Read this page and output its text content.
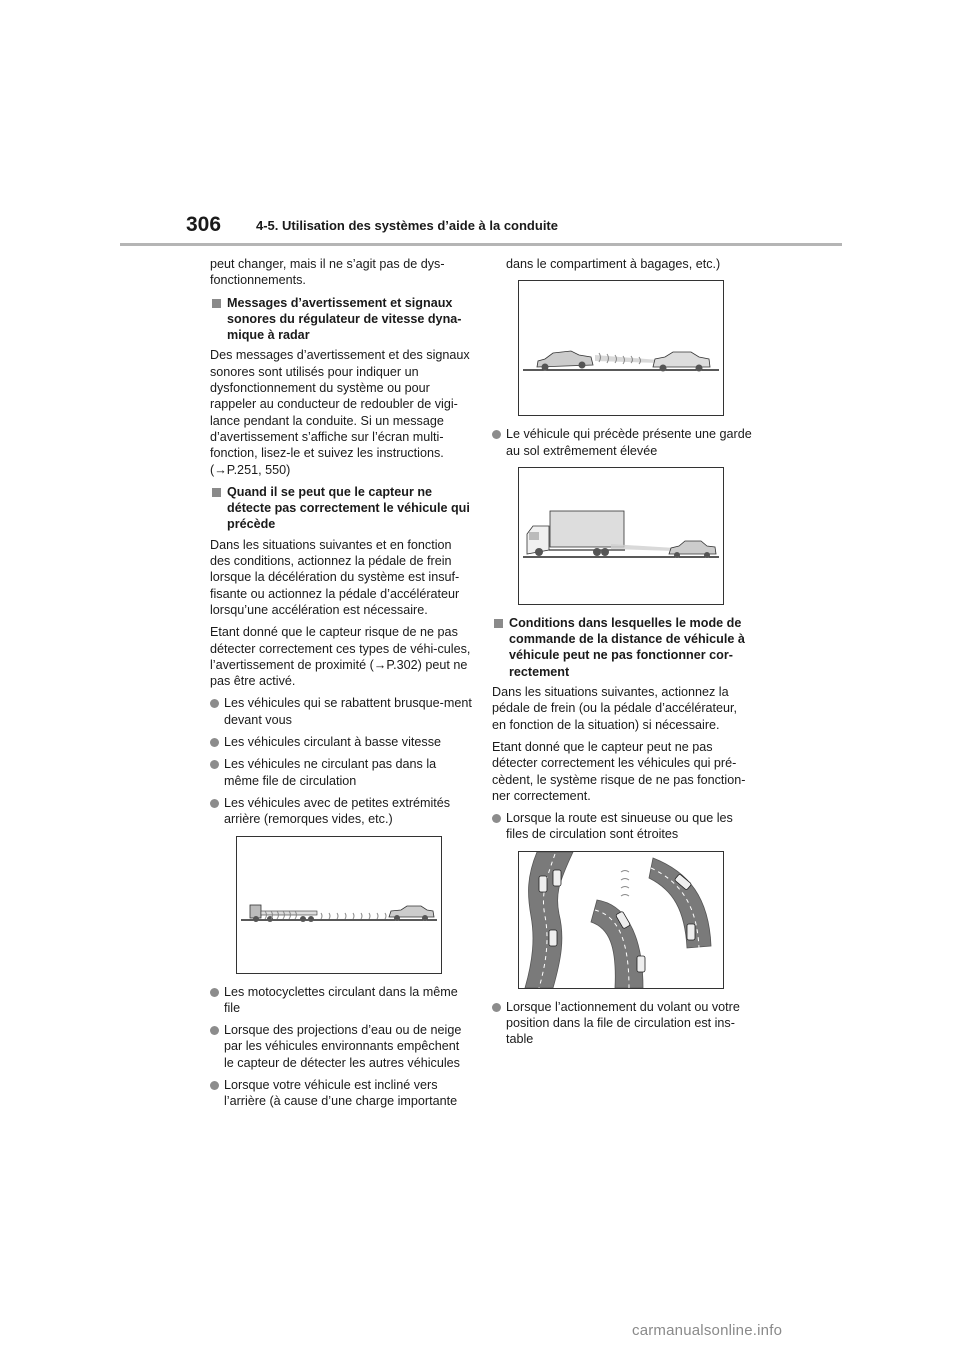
306	4-5. Utilisation des systèmes d’aide à la conduite

peut changer, mais il ne s’agit pas de dys-fonctionnements.

Messages d’avertissement et signaux sonores du régulateur de vitesse dyna-mique à radar

Des messages d’avertissement et des signaux sonores sont utilisés pour indiquer un dysfonctionnement du système ou pour rappeler au conducteur de redoubler de vigi-lance pendant la conduite. Si un message d’avertissement s’affiche sur l’écran multi-fonction, lisez-le et suivez les instructions. (→P.251, 550)

Quand il se peut que le capteur ne détecte pas correctement le véhicule qui précède

Dans les situations suivantes et en fonction des conditions, actionnez la pédale de frein lorsque la décélération du système est insuf-fisante ou actionnez la pédale d’accélérateur lorsqu’une accélération est nécessaire.

Etant donné que le capteur risque de ne pas détecter correctement ces types de véhi-cules, l’avertissement de proximité (→P.302) peut ne pas être activé.

Les véhicules qui se rabattent brusque-ment devant vous
Les véhicules circulant à basse vitesse
Les véhicules ne circulant pas dans la même file de circulation
Les véhicules avec de petites extrémités arrière (remorques vides, etc.)
Les motocyclettes circulant dans la même file
Lorsque des projections d’eau ou de neige par les véhicules environnants empêchent le capteur de détecter les autres véhicules
Lorsque votre véhicule est incliné vers l’arrière (à cause d’une charge importante

dans le compartiment à bagages, etc.)

Le véhicule qui précède présente une garde au sol extrêmement élevée
Conditions dans lesquelles le mode de commande de la distance de véhicule à véhicule peut ne pas fonctionner cor-rectement

Dans les situations suivantes, actionnez la pédale de frein (ou la pédale d’accélérateur, en fonction de la situation) si nécessaire.

Etant donné que le capteur peut ne pas détecter correctement les véhicules qui pré-cèdent, le système risque de ne pas fonction-ner correctement.

Lorsque la route est sinueuse ou que les files de circulation sont étroites
Lorsque l’actionnement du volant ou votre position dans la file de circulation est ins-table
carmanualsonline.info
